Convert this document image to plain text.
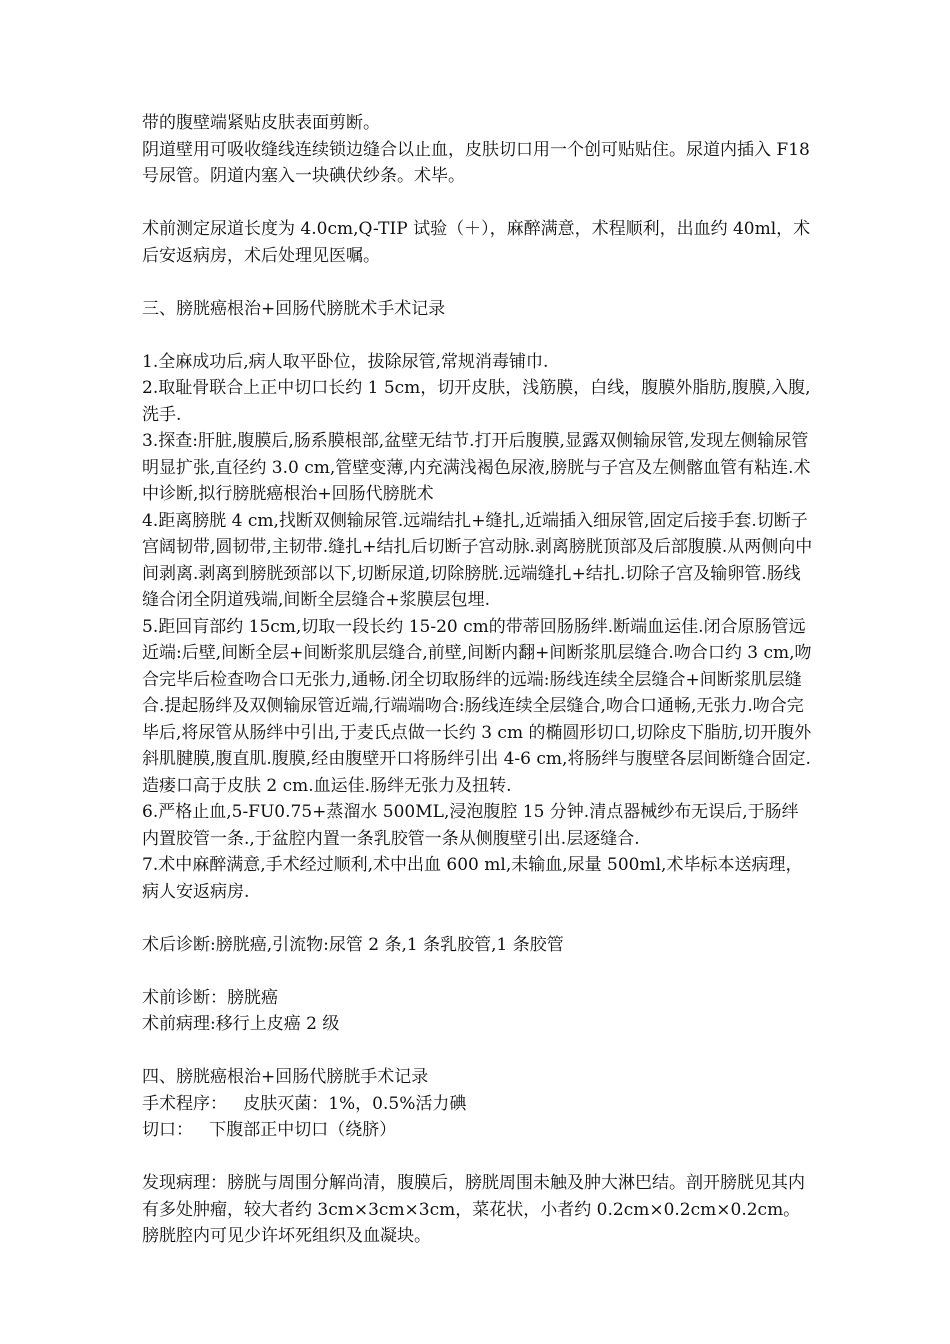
带的腹壁端紧贴皮肤表面剪断。

阴道壁用可吸收缝线连续锁边缝合以止血，皮肤切口用一个创可贴贴住。尿道内插入 F18 号尿管。阴道内塞入一块碘伏纱条。术毕。

术前测定尿道长度为 4.0cm,Q-TIP 试验（＋），麻醉满意，术程顺利，出血约 40ml，术后安返病房，术后处理见医嘱。

三、膀胱癌根治+回肠代膀胱术手术记录

1.全麻成功后,病人取平卧位，拔除尿管,常规消毒铺巾.

2.取耻骨联合上正中切口长约 1 5cm，切开皮肤，浅筋膜，白线，腹膜外脂肪,腹膜,入腹,洗手.

3.探查:肝脏,腹膜后,肠系膜根部,盆壁无结节.打开后腹膜,显露双侧输尿管,发现左侧输尿管明显扩张,直径约 3.0 cm,管壁变薄,内充满浅褐色尿液,膀胱与子宫及左侧髂血管有粘连.术中诊断,拟行膀胱癌根治+回肠代膀胱术

4.距离膀胱 4 cm,找断双侧输尿管.远端结扎+缝扎,近端插入细尿管,固定后接手套.切断子宫阔韧带,圆韧带,主韧带.缝扎+结扎后切断子宫动脉.剥离膀胱顶部及后部腹膜.从两侧向中间剥离.剥离到膀胱颈部以下,切断尿道,切除膀胱.远端缝扎+结扎.切除子宫及输卵管.肠线缝合闭全阴道残端,间断全层缝合+浆膜层包埋.

5.距回肓部约 15cm,切取一段长约 15-20 cm的带蒂回肠肠绊.断端血运佳.闭合原肠管远近端:后壁,间断全层+间断浆肌层缝合,前壁,间断内翻+间断浆肌层缝合.吻合口约 3 cm,吻合完毕后检查吻合口无张力,通畅.闭全切取肠绊的远端:肠线连续全层缝合+间断浆肌层缝合.提起肠绊及双侧输尿管近端,行端端吻合:肠线连续全层缝合,吻合口通畅,无张力.吻合完毕后,将尿管从肠绊中引出,于麦氏点做一长约 3 cm 的椭圆形切口,切除皮下脂肪,切开腹外斜肌腱膜,腹直肌.腹膜,经由腹壁开口将肠绊引出 4-6 cm,将肠绊与腹壁各层间断缝合固定.造瘘口高于皮肤 2 cm.血运佳.肠绊无张力及扭转.

6.严格止血,5-FU0.75+蒸溜水 500ML,浸泡腹腔 15 分钟.清点器械纱布无误后,于肠绊内置胶管一条.,于盆腔内置一条乳胶管一条从侧腹壁引出.层逐缝合.

7.术中麻醉满意,手术经过顺利,术中出血 600 ml,未输血,尿量 500ml,术毕标本送病理，病人安返病房.

术后诊断:膀胱癌,引流物:尿管 2 条,1 条乳胶管,1 条胶管

术前诊断：膀胱癌

术前病理:移行上皮癌 2 级

四、膀胱癌根治+回肠代膀胱手术记录

手术程序：   皮肤灭菌：1%，0.5%活力碘

切口：   下腹部正中切口（绕脐）

发现病理：膀胱与周围分解尚清，腹膜后，膀胱周围未触及肿大淋巴结。剖开膀胱见其内有多处肿瘤，较大者约 3cm×3cm×3cm，菜花状，小者约 0.2cm×0.2cm×0.2cm。膀胱腔内可见少许坏死组织及血凝块。
